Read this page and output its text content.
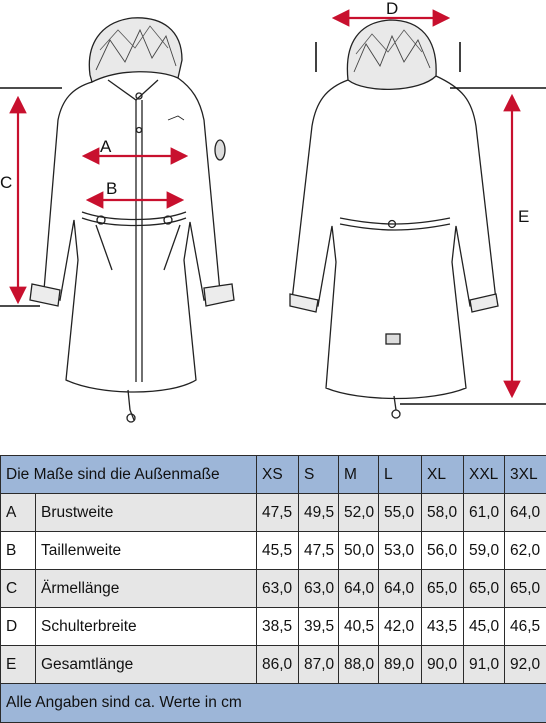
A
B
C
D
E
Die Maße sind die Außenmaße		XS	S	M	L	XL	XXL	3XL
A	Brustweite	47,5	49,5	52,0	55,0	58,0	61,0	64,0
B	Taillenweite	45,5	47,5	50,0	53,0	56,0	59,0	62,0
C	Ärmellänge	63,0	63,0	64,0	64,0	65,0	65,0	65,0
D	Schulterbreite	38,5	39,5	40,5	42,0	43,5	45,0	46,5
E	Gesamtlänge	86,0	87,0	88,0	89,0	90,0	91,0	92,0
Alle Angaben sind ca. Werte in cm								
